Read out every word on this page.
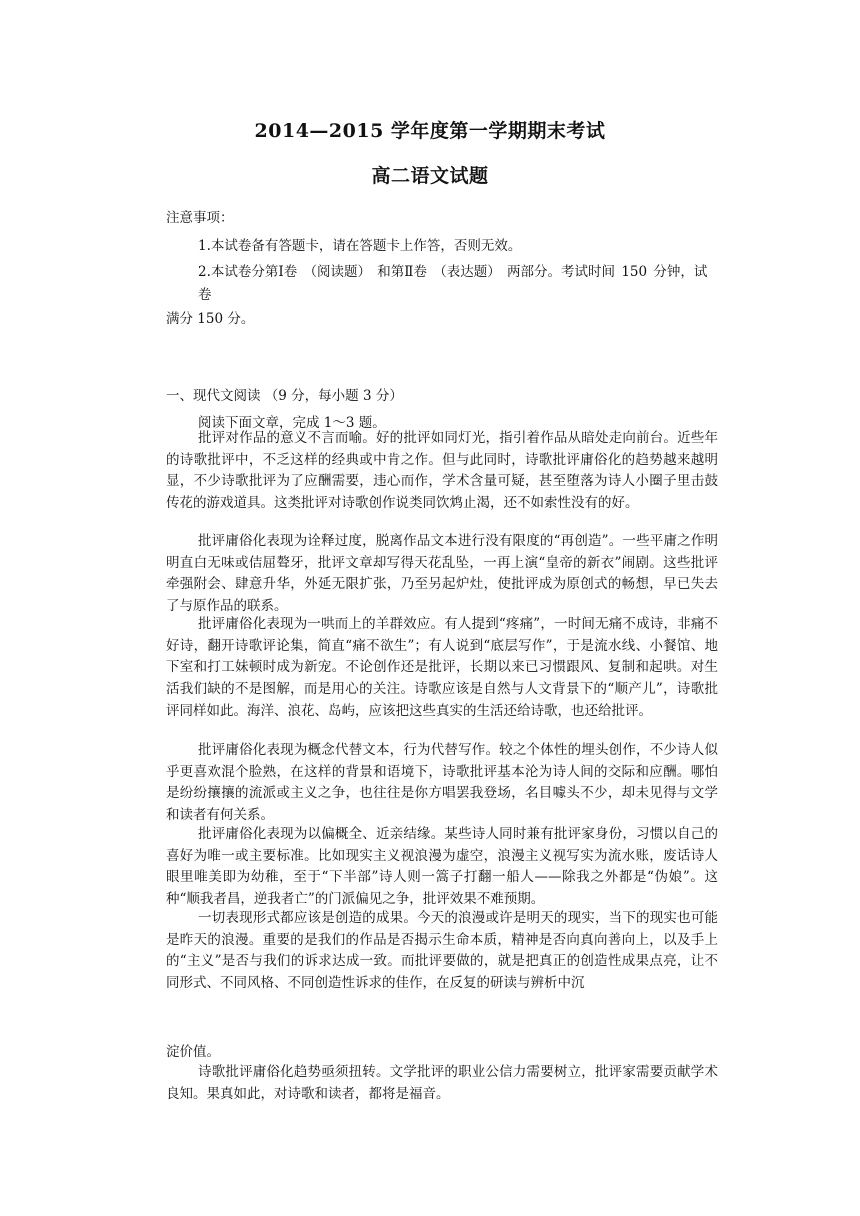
2014—2015 学年度第一学期期末考试
高二语文试题
注意事项：
1.本试卷备有答题卡，请在答题卡上作答，否则无效。
2.本试卷分第Ⅰ卷 （阅读题） 和第Ⅱ卷 （表达题） 两部分。考试时间 150 分钟，试
卷
满分 150 分。
一、现代文阅读 （9 分，每小题 3 分）
阅读下面文章，完成 1～3 题。
批评对作品的意义不言而喻。好的批评如同灯光，指引着作品从暗处走向前台。近些年的诗歌批评中，不乏这样的经典或中肯之作。但与此同时，诗歌批评庸俗化的趋势越来越明显，不少诗歌批评为了应酬需要，违心而作，学术含量可疑，甚至堕落为诗人小圈子里击鼓传花的游戏道具。这类批评对诗歌创作说类同饮鸩止渴，还不如索性没有的好。
批评庸俗化表现为诠释过度，脱离作品文本进行没有限度的“再创造”。一些平庸之作明明直白无味或佶屈聱牙，批评文章却写得天花乱坠，一再上演“皇帝的新衣”闹剧。这些批评牵强附会、肆意升华，外延无限扩张，乃至另起炉灶，使批评成为原创式的畅想，早已失去了与原作品的联系。
批评庸俗化表现为一哄而上的羊群效应。有人提到“疼痛”，一时间无痛不成诗，非痛不好诗，翻开诗歌评论集，简直“痛不欲生”；有人说到“底层写作”，于是流水线、小餐馆、地下室和打工妹顿时成为新宠。不论创作还是批评，长期以来已习惯跟风、复制和起哄。对生活我们缺的不是图解，而是用心的关注。诗歌应该是自然与人文背景下的“顺产儿”，诗歌批评同样如此。海洋、浪花、岛屿，应该把这些真实的生活还给诗歌，也还给批评。
批评庸俗化表现为概念代替文本，行为代替写作。较之个体性的埋头创作，不少诗人似乎更喜欢混个脸熟，在这样的背景和语境下，诗歌批评基本沦为诗人间的交际和应酬。哪怕是纷纷攘攘的流派或主义之争，也往往是你方唱罢我登场，名目噱头不少，却未见得与文学和读者有何关系。
批评庸俗化表现为以偏概全、近亲结缘。某些诗人同时兼有批评家身份，习惯以自己的喜好为唯一或主要标准。比如现实主义视浪漫为虚空，浪漫主义视写实为流水账，废话诗人眼里唯美即为幼稚，至于“下半部”诗人则一篙子打翻一船人——除我之外都是“伪娘”。这种“顺我者昌，逆我者亡”的门派偏见之争，批评效果不难预期。
一切表现形式都应该是创造的成果。今天的浪漫或许是明天的现实，当下的现实也可能是昨天的浪漫。重要的是我们的作品是否揭示生命本质，精神是否向真向善向上，以及手上的“主义”是否与我们的诉求达成一致。而批评要做的，就是把真正的创造性成果点亮，让不同形式、不同风格、不同创造性诉求的佳作，在反复的研读与辨析中沉
淀价值。
诗歌批评庸俗化趋势亟须扭转。文学批评的职业公信力需要树立，批评家需要贡献学术良知。果真如此，对诗歌和读者，都将是福音。
